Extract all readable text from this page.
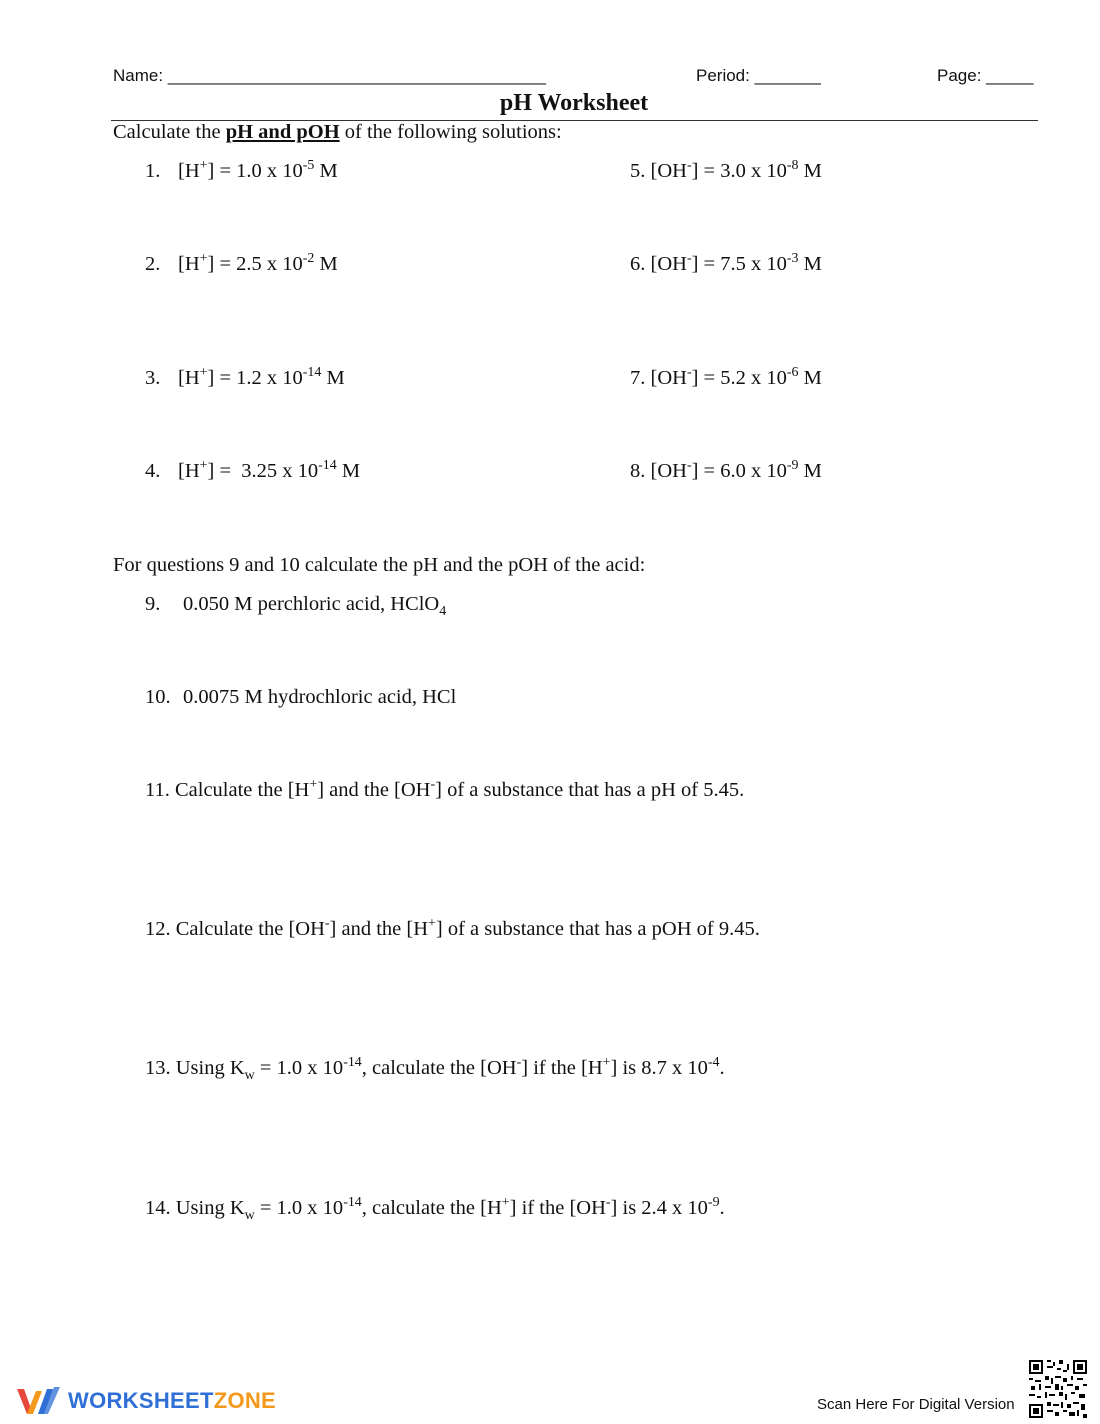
Name: ________________________________________	Period: _______	Page: _____
pH Worksheet
Calculate the pH and pOH of the following solutions:
1. [H+] = 1.0 x $10^{-5}$ M
2. [H+] = 2.5 x $10^{-2}$ M
3. [H+] = 1.2 x $10^{-14}$ M
4. [H+] =  3.25 x $10^{-14}$ M
5. [OH-] = 3.0 x $10^{-8}$ M
6. [OH-] = 7.5 x $10^{-3}$ M
7. [OH-] = 5.2 x $10^{-6}$ M
8. [OH-] = 6.0 x $10^{-9}$ M
For questions 9 and 10 calculate the pH and the pOH of the acid:
9. 0.050 M perchloric acid, HClO$_4$
10. 0.0075 M hydrochloric acid, HCl
11. Calculate the [H+] and the [OH-] of a substance that has a pH of 5.45.
12. Calculate the [OH-] and the [H+] of a substance that has a pOH of 9.45.
13. Using $K_w = 1.0$ x $10^{-14}$, calculate the [OH-] if the [H+] is 8.7 x $10^{-4}$.
14. Using $K_w = 1.0$ x $10^{-14}$, calculate the [H+] if the [OH-] is 2.4 x $10^{-9}$.
WORKSHEETZONE	Scan Here For Digital Version
